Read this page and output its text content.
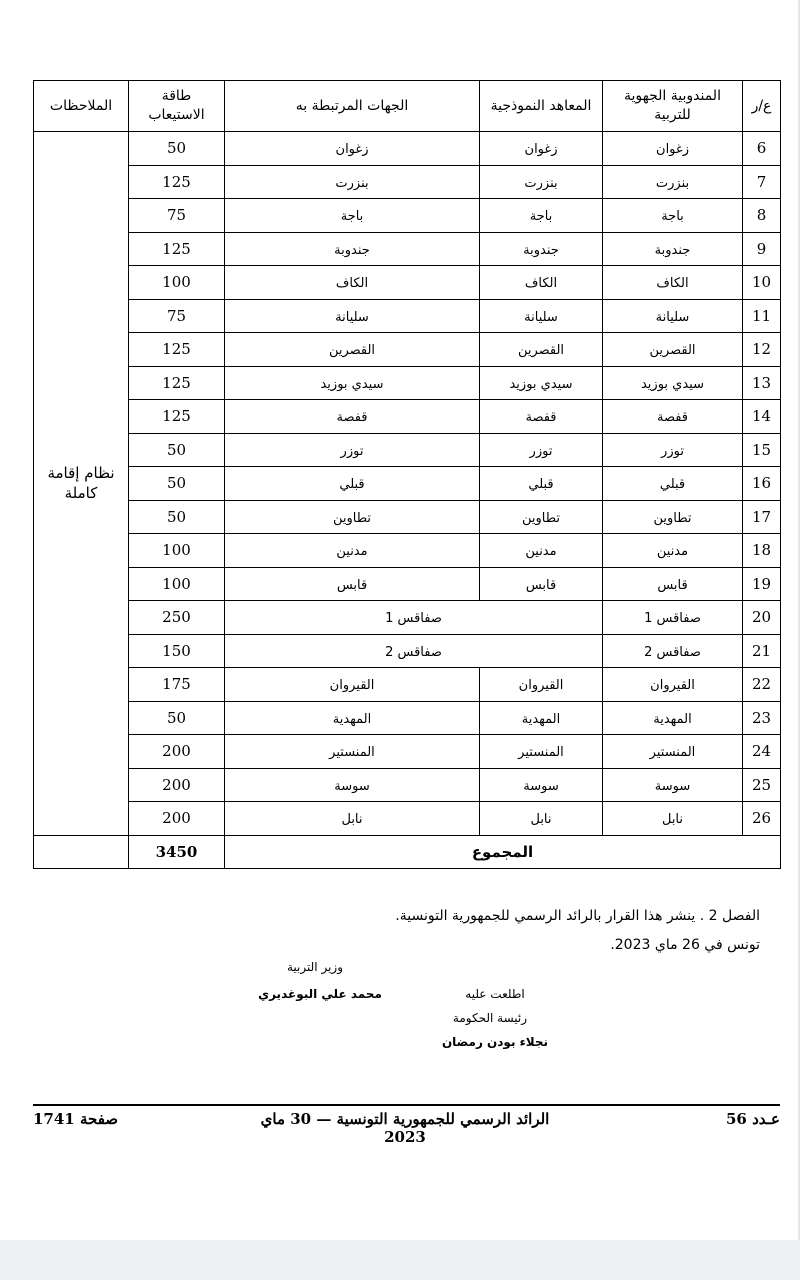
ع/ر	المندوبية الجهوية للتربية	المعاهد النموذجية	الجهات المرتبطة به	طاقة الاستيعاب	الملاحظات
6	زغوان	زغوان	زغوان	50	نظام إقامة
كاملة

7	بنزرت	بنزرت	بنزرت	125	
8	باجة	باجة	باجة	75	
9	جندوبة	جندوبة	جندوبة	125	
10	الكاف	الكاف	الكاف	100	
11	سليانة	سليانة	سليانة	75	
12	القصرين	القصرين	القصرين	125	
13	سيدي بوزيد	سيدي بوزيد	سيدي بوزيد	125	
14	قفصة	قفصة	قفصة	125	
15	توزر	توزر	توزر	50	
16	قبلي	قبلي	قبلي	50	
17	تطاوين	تطاوين	تطاوين	50	
18	مدنين	مدنين	مدنين	100	
19	قابس	قابس	قابس	100	
20	صفاقس 1	صفاقس 1		250	
21	صفاقس 2	صفاقس 2		150	
22	القيروان	القيروان	القيروان	175	
23	المهدية	المهدية	المهدية	50	
24	المنستير	المنستير	المنستير	200	
25	سوسة	سوسة	سوسة	200	
26	نابل	نابل	نابل	200	
المجموع				3450	
الفصل 2 . ينشر هذا القرار بالرائد الرسمي للجمهورية التونسية.
تونس في 26 ماي 2023.
وزير التربية
محمد علي البوغديري	اطلعت عليه
رئيسة الحكومة
نجلاء بودن رمضان
عـدد 56
الرائد الرسمي للجمهورية التونسية — 30 ماي 2023
صفحة 1741
